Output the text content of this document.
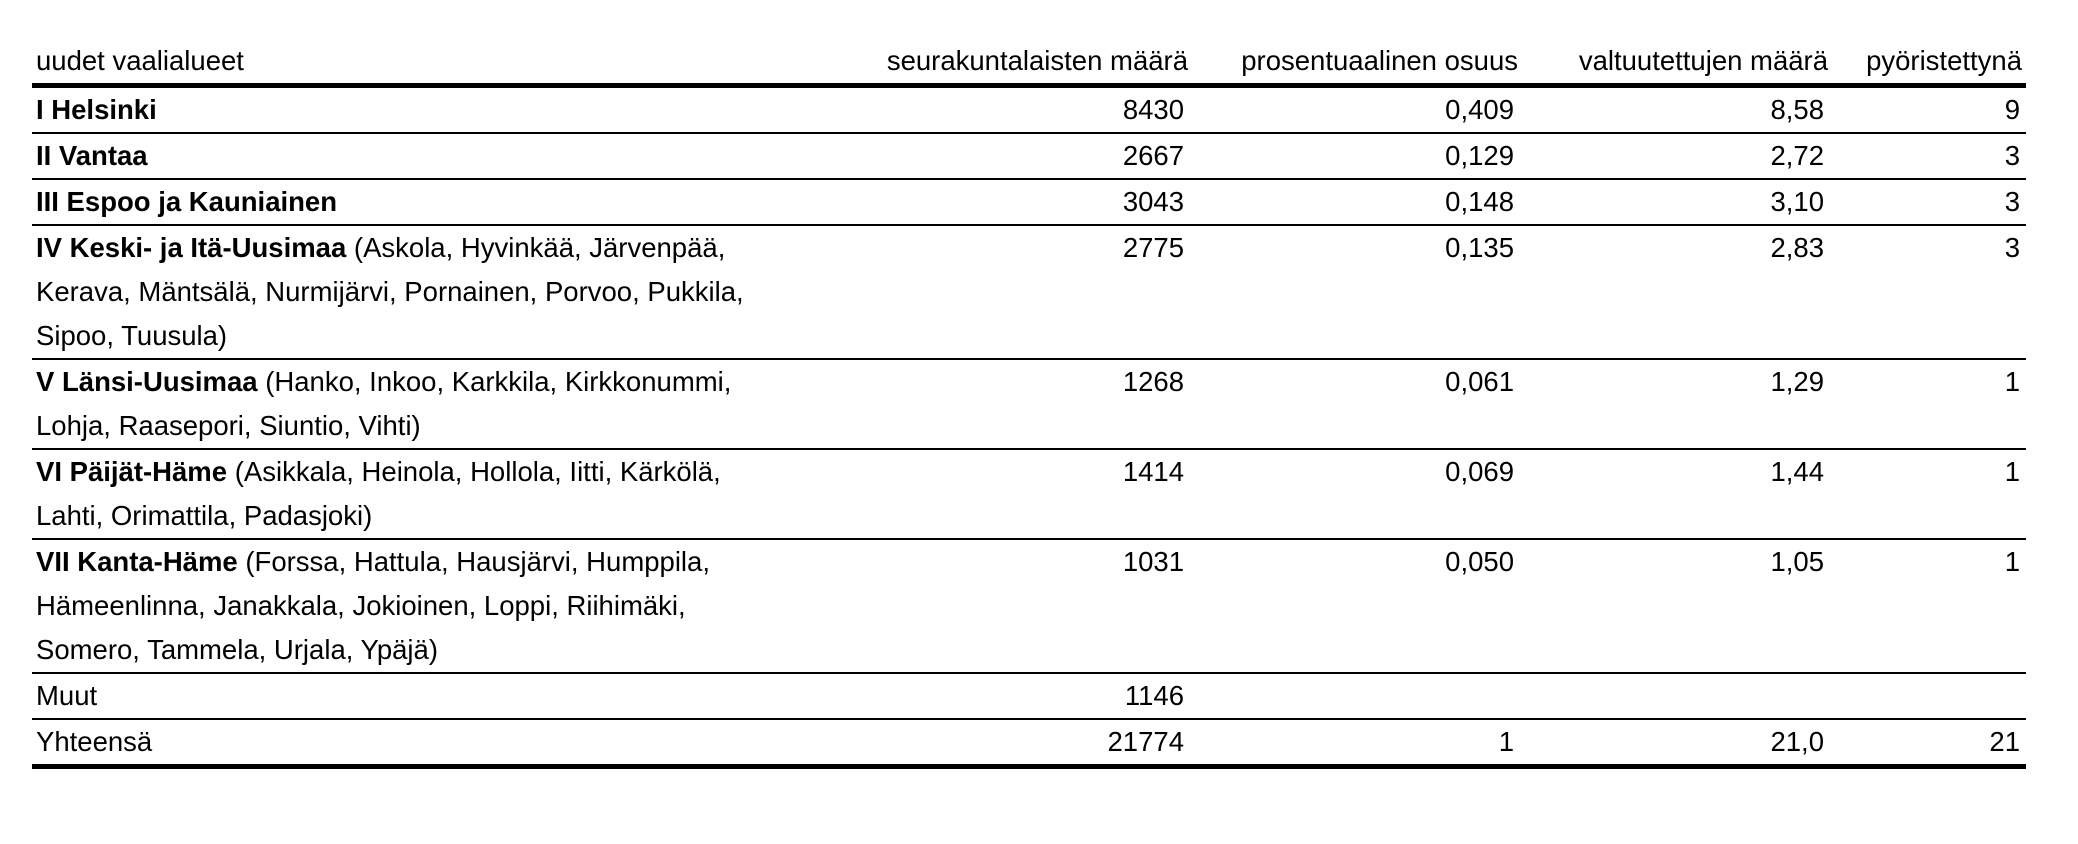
uudet vaalialueet	seurakuntalaisten määrä	prosentuaalinen osuus	valtuutettujen määrä	pyöristettynä
I Helsinki	8430	0,409	8,58	9
II Vantaa	2667	0,129	2,72	3
III Espoo ja Kauniainen	3043	0,148	3,10	3
IV Keski- ja Itä-Uusimaa (Askola, Hyvinkää, Järvenpää, Kerava, Mäntsälä, Nurmijärvi, Pornainen, Porvoo, Pukkila, Sipoo, Tuusula)	2775	0,135	2,83	3
V Länsi-Uusimaa (Hanko, Inkoo, Karkkila, Kirkkonummi, Lohja, Raasepori, Siuntio, Vihti)	1268	0,061	1,29	1
VI Päijät-Häme (Asikkala, Heinola, Hollola, Iitti, Kärkölä, Lahti, Orimattila, Padasjoki)	1414	0,069	1,44	1
VII Kanta-Häme (Forssa, Hattula, Hausjärvi, Humppila, Hämeenlinna, Janakkala, Jokioinen, Loppi, Riihimäki, Somero, Tammela, Urjala, Ypäjä)	1031	0,050	1,05	1
Muut	1146			
Yhteensä	21774	1	21,0	21
